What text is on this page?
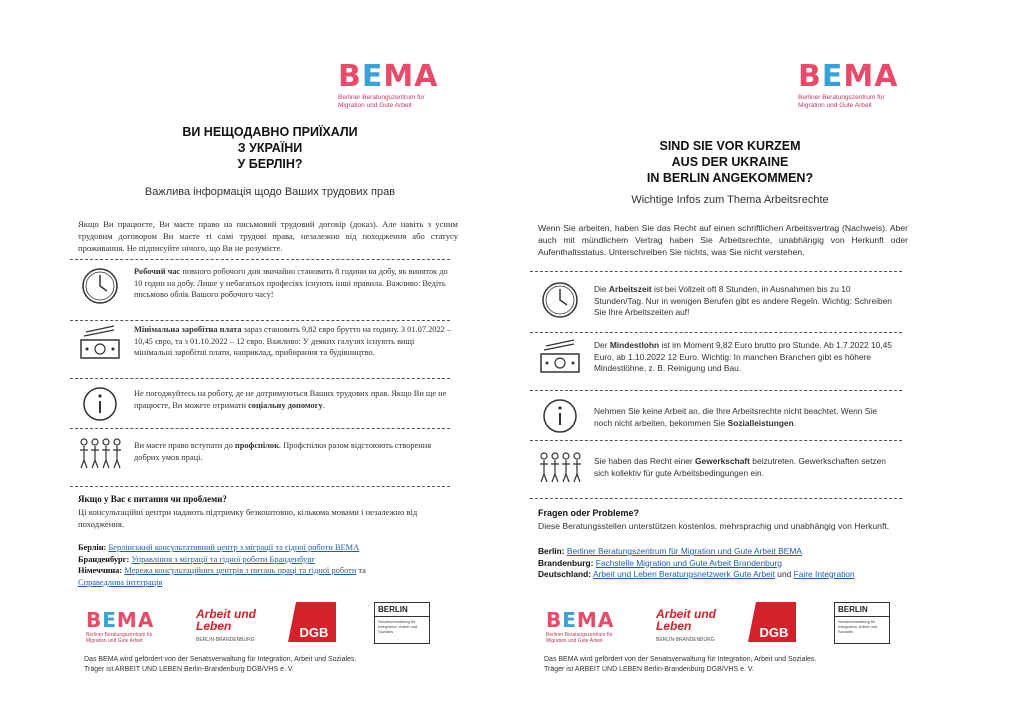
BEMA
Berliner Beratungszentrum für
Migration und Gute Arbeit
ВИ НЕЩОДАВНО ПРИЇХАЛИ
З УКРАЇНИ
У БЕРЛІН?
Важлива інформація щодо Ваших трудових прав
Якщо Ви працюєте, Ви маєте право на письмовий трудовий договір (доказ). Але навіть з усним трудовим договором Ви маєте ті самі трудові права, незалежно від походження або статусу проживання. Не підписуйте нічого, що Ви не розумієте.
Робочий час повного робочого дня звичайно становить 8 години на добу, як виняток до 10 годин на добу. Лише у небагатьох професіях існують інші правила. Важливо: Ведіть письмово облік Вашого робочого часу!
Мінімальна заробітна плата зараз становить 9,82 євро брутто на годину. З 01.07.2022 – 10,45 євро, та з 01.10.2022 – 12 євро. Важливо: У деяких галузях існують вищі мінімальні заробітні плати, наприклад, прибирання та будівництво.
Не погоджуйтесь на роботу, де не дотримуються Ваших трудових прав. Якщо Ви ще не працюєте, Ви можете отримати соціальну допомогу.
Ви маєте право вступати до профспілок. Профспілки разом відстоюють створення добрих умов праці.
Якщо у Вас є питання чи проблеми?
Ці консультаційні центри надають підтримку безкоштовно, кількома мовами і незалежно від походження.
Берлін: Берлінський консультативний центр з міграції та гідної роботи BEMA
Бранденбург: Управління з міграції та гідної роботи Бранденбург
Німеччина: Мережа консультаційних центрів з питань праці та гідної роботи та
Справедлива інтеграція
BEMA
Berliner Beratungszentrum für
Migration und Gute Arbeit
Arbeit und
Leben
BERLIN-BRANDENBURG	DGB
BERLIN
Senatsverwaltung für Integration, Arbeit und Soziales
Das BEMA wird gefördert von der Senatsverwaltung für Integration, Arbeit und Soziales.
Träger ist ARBEIT UND LEBEN Berlin-Brandenburg DGB/VHS e. V.
BEMA
Berliner Beratungszentrum für
Migration und Gute Arbeit
SIND SIE VOR KURZEM
AUS DER UKRAINE
IN BERLIN ANGEKOMMEN?
Wichtige Infos zum Thema Arbeitsrechte
Wenn Sie arbeiten, haben Sie das Recht auf einen schriftlichen Arbeitsvertrag (Nachweis). Aber auch mit mündlichem Vertrag haben Sie Arbeitsrechte, unabhängig von Herkunft oder Aufenthaltsstatus. Unterschreiben Sie nichts, was Sie nicht verstehen.
Die Arbeitszeit ist bei Vollzeit oft 8 Stunden, in Ausnahmen bis zu 10 Stunden/Tag. Nur in wenigen Berufen gibt es andere Regeln. Wichtig: Schreiben Sie Ihre Arbeitszeiten auf!
Der Mindestlohn ist im Moment 9,82 Euro brutto pro Stunde. Ab 1.7.2022 10,45 Euro, ab 1.10.2022 12 Euro. Wichtig: In manchen Branchen gibt es höhere Mindestlöhne, z. B. Reinigung und Bau.
Nehmen Sie keine Arbeit an, die Ihre Arbeitsrechte nicht beachtet. Wenn Sie noch nicht arbeiten, bekommen Sie Sozialleistungen.
Sie haben das Recht einer Gewerkschaft beizutreten. Gewerkschaften setzen sich kollektiv für gute Arbeitsbedingungen ein.
Fragen oder Probleme?
Diese Beratungsstellen unterstützen kostenlos, mehrsprachig und unabhängig von Herkunft.
Berlin: Berliner Beratungszentrum für Migration und Gute Arbeit BEMA
Brandenburg: Fachstelle Migration und Gute Arbeit Brandenburg
Deutschland: Arbeit und Leben Beratungsnetzwerk Gute Arbeit und Faire Integration
BEMA
Berliner Beratungszentrum für
Migration und Gute Arbeit
Arbeit und
Leben
BERLIN-BRANDENBURG	DGB
BERLIN
Senatsverwaltung für Integration, Arbeit und Soziales
Das BEMA wird gefördert von der Senatsverwaltung für Integration, Arbeit und Soziales.
Träger ist ARBEIT UND LEBEN Berlin-Brandenburg DGB/VHS e. V.
